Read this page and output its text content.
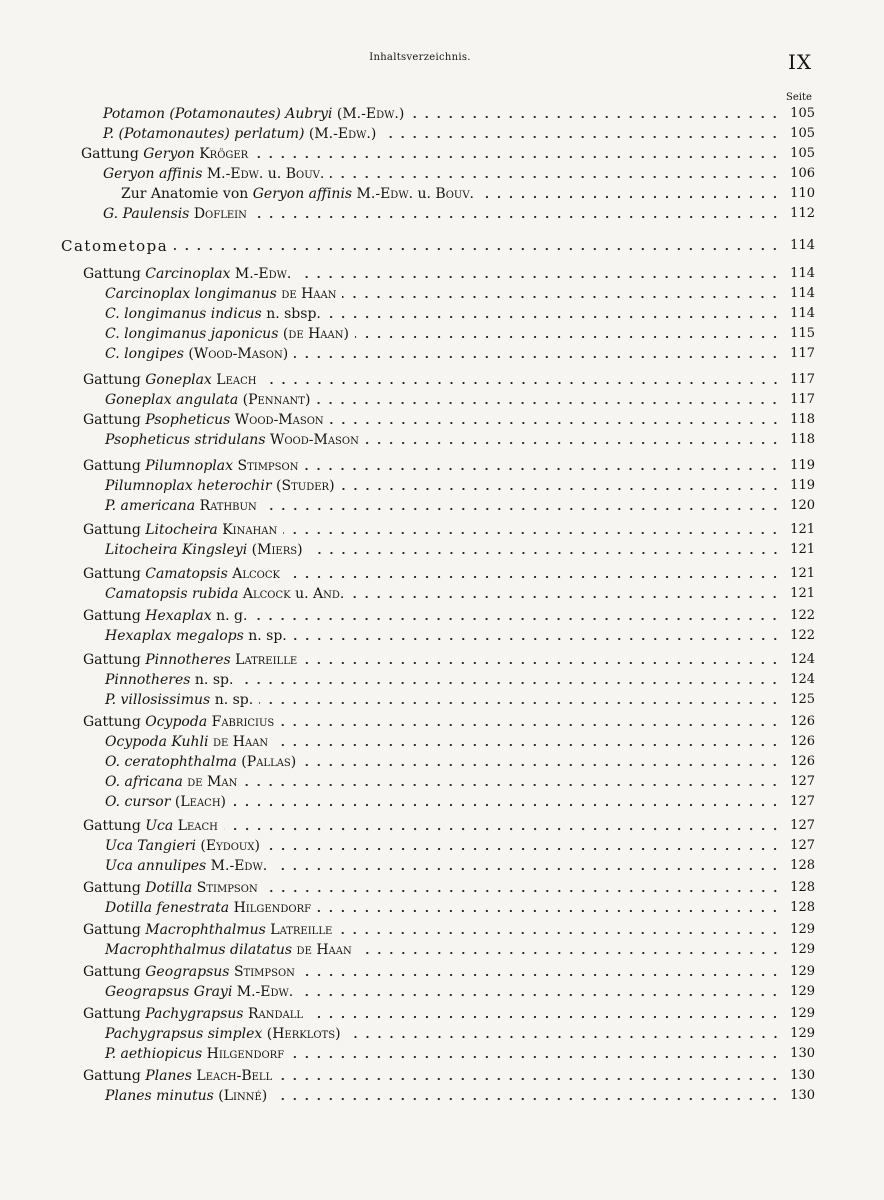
Inhaltsverzeichnis.	IX
Seite
Potamon (Potamonautes) Aubryi (M.-Edw.)	105
P. (Potamonautes) perlatum) (M.-Edw.)	105
Gattung Geryon Kröger	105
Geryon affinis M.-Edw. u. Bouv.	106
Zur Anatomie von Geryon affinis M.-Edw. u. Bouv.	110
G. Paulensis Doflein	112
Catometopa	114
Gattung Carcinoplax M.-Edw.	114
Carcinoplax longimanus de Haan	114
C. longimanus indicus n. sbsp.	114
C. longimanus japonicus (de Haan)	115
C. longipes (Wood-Mason)	117
Gattung Goneplax Leach	117
Goneplax angulata (Pennant)	117
Gattung Psopheticus Wood-Mason	118
Psopheticus stridulans Wood-Mason	118
Gattung Pilumnoplax Stimpson	119
Pilumnoplax heterochir (Studer)	119
P. americana Rathbun	120
Gattung Litocheira Kinahan	121
Litocheira Kingsleyi (Miers)	121
Gattung Camatopsis Alcock	121
Camatopsis rubida Alcock u. And.	121
Gattung Hexaplax n. g.	122
Hexaplax megalops n. sp.	122
Gattung Pinnotheres Latreille	124
Pinnotheres n. sp.	124
P. villosissimus n. sp.	125
Gattung Ocypoda Fabricius	126
Ocypoda Kuhli de Haan	126
O. ceratophthalma (Pallas)	126
O. africana de Man	127
O. cursor (Leach)	127
Gattung Uca Leach	127
Uca Tangieri (Eydoux)	127
Uca annulipes M.-Edw.	128
Gattung Dotilla Stimpson	128
Dotilla fenestrata Hilgendorf	128
Gattung Macrophthalmus Latreille	129
Macrophthalmus dilatatus de Haan	129
Gattung Geograpsus Stimpson	129
Geograpsus Grayi M.-Edw.	129
Gattung Pachygrapsus Randall	129
Pachygrapsus simplex (Herklots)	129
P. aethiopicus Hilgendorf	130
Gattung Planes Leach-Bell	130
Planes minutus (Linné)	130
